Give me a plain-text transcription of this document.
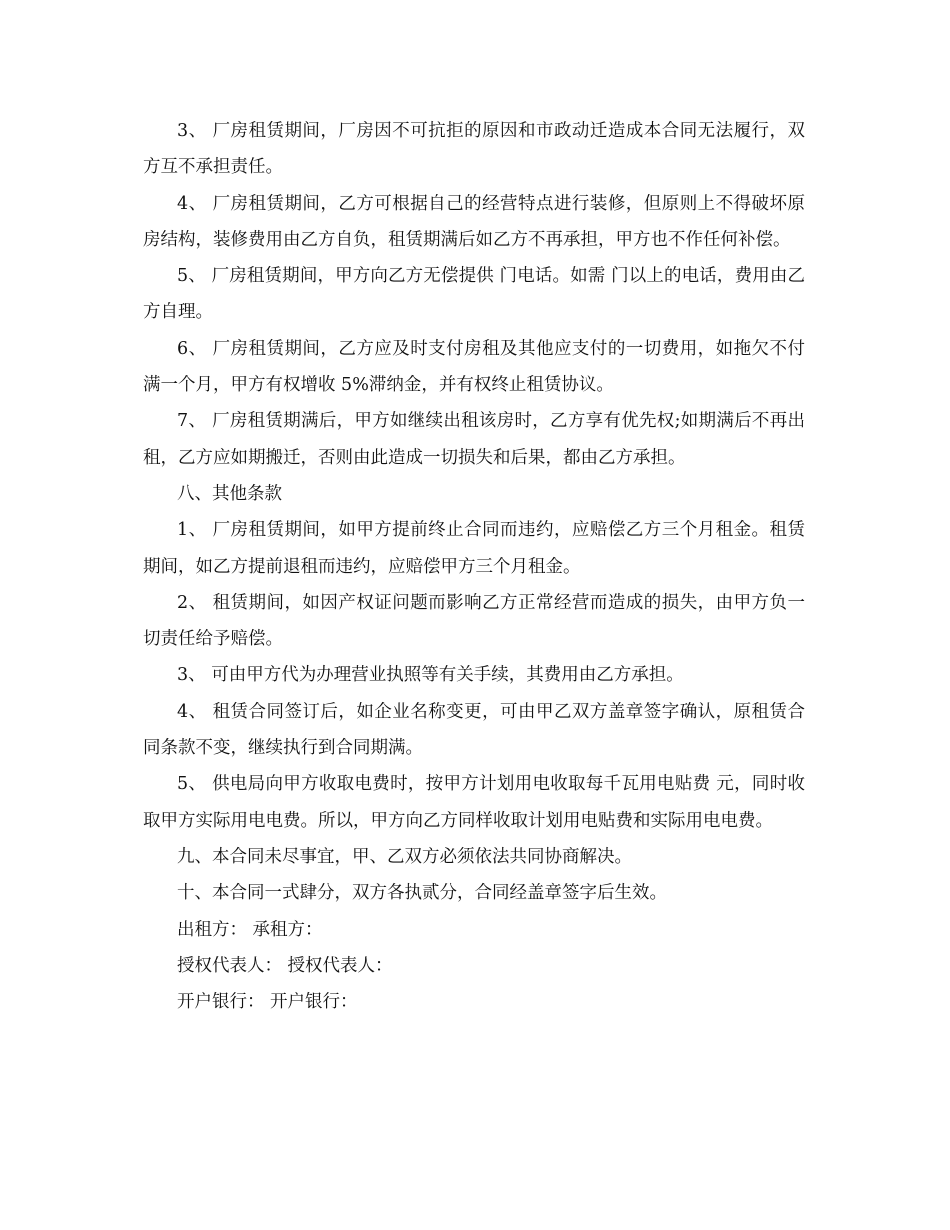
3、 厂房租赁期间，厂房因不可抗拒的原因和市政动迁造成本合同无法履行，双方互不承担责任。

4、 厂房租赁期间，乙方可根据自己的经营特点进行装修，但原则上不得破坏原房结构，装修费用由乙方自负，租赁期满后如乙方不再承担，甲方也不作任何补偿。

5、 厂房租赁期间，甲方向乙方无偿提供 门电话。如需 门以上的电话，费用由乙方自理。

6、 厂房租赁期间，乙方应及时支付房租及其他应支付的一切费用，如拖欠不付满一个月，甲方有权增收 5%滞纳金，并有权终止租赁协议。

7、 厂房租赁期满后，甲方如继续出租该房时，乙方享有优先权;如期满后不再出租，乙方应如期搬迁，否则由此造成一切损失和后果，都由乙方承担。

八、其他条款

1、 厂房租赁期间，如甲方提前终止合同而违约，应赔偿乙方三个月租金。租赁期间，如乙方提前退租而违约，应赔偿甲方三个月租金。

2、 租赁期间，如因产权证问题而影响乙方正常经营而造成的损失，由甲方负一切责任给予赔偿。

3、 可由甲方代为办理营业执照等有关手续，其费用由乙方承担。

4、 租赁合同签订后，如企业名称变更，可由甲乙双方盖章签字确认，原租赁合同条款不变，继续执行到合同期满。

5、 供电局向甲方收取电费时，按甲方计划用电收取每千瓦用电贴费 元，同时收取甲方实际用电电费。所以，甲方向乙方同样收取计划用电贴费和实际用电电费。

九、本合同未尽事宜，甲、乙双方必须依法共同协商解决。

十、本合同一式肆分，双方各执贰分，合同经盖章签字后生效。

出租方： 承租方：

授权代表人： 授权代表人：

开户银行： 开户银行：
